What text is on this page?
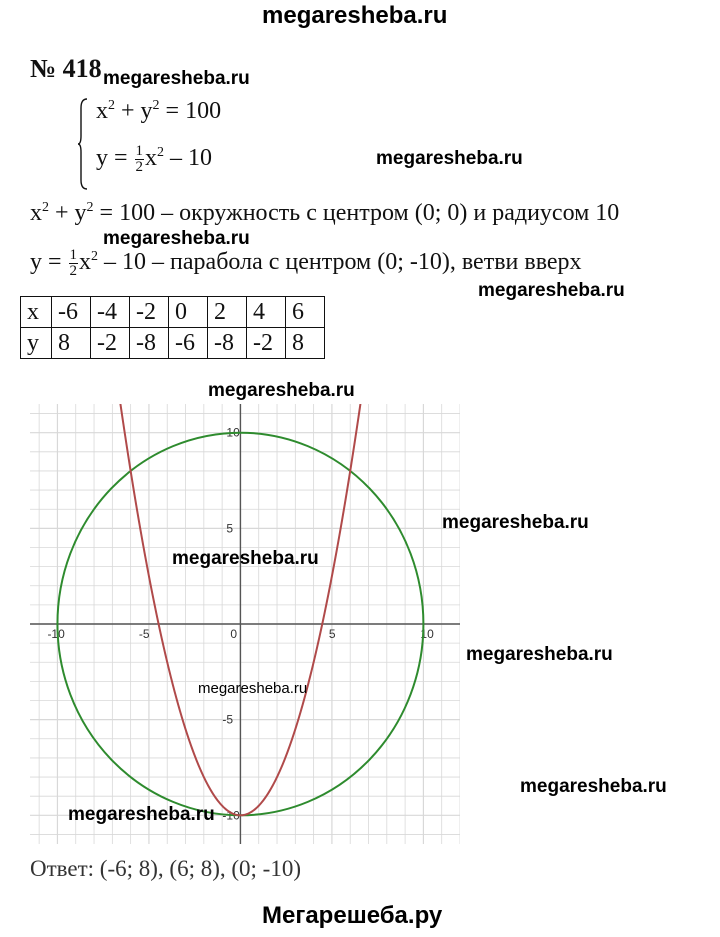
megaresheba.ru
Мегарешеба.ру
№ 418
$x^2 + y^2 = 100$
$y = \frac{1}{2} x^2 - 10$
$x^2 + y^2 = 100$ – окружность с центром (0; 0) и радиусом 10
$y = \frac{1}{2} x^2 - 10$ – парабола с центром (0; -10), ветви вверх
x	-6	-4	-2	0	2	4	6
y	8	-2	-8	-6	-8	-2	8
-10	-5	0	5	10
10
5
-5
-10
Ответ: (-6; 8), (6; 8), (0; -10)
megaresheba.ru
megaresheba.ru
megaresheba.ru
megaresheba.ru
megaresheba.ru
megaresheba.ru
megaresheba.ru
megaresheba.ru
megaresheba.ru
megaresheba.ru
megaresheba.ru
